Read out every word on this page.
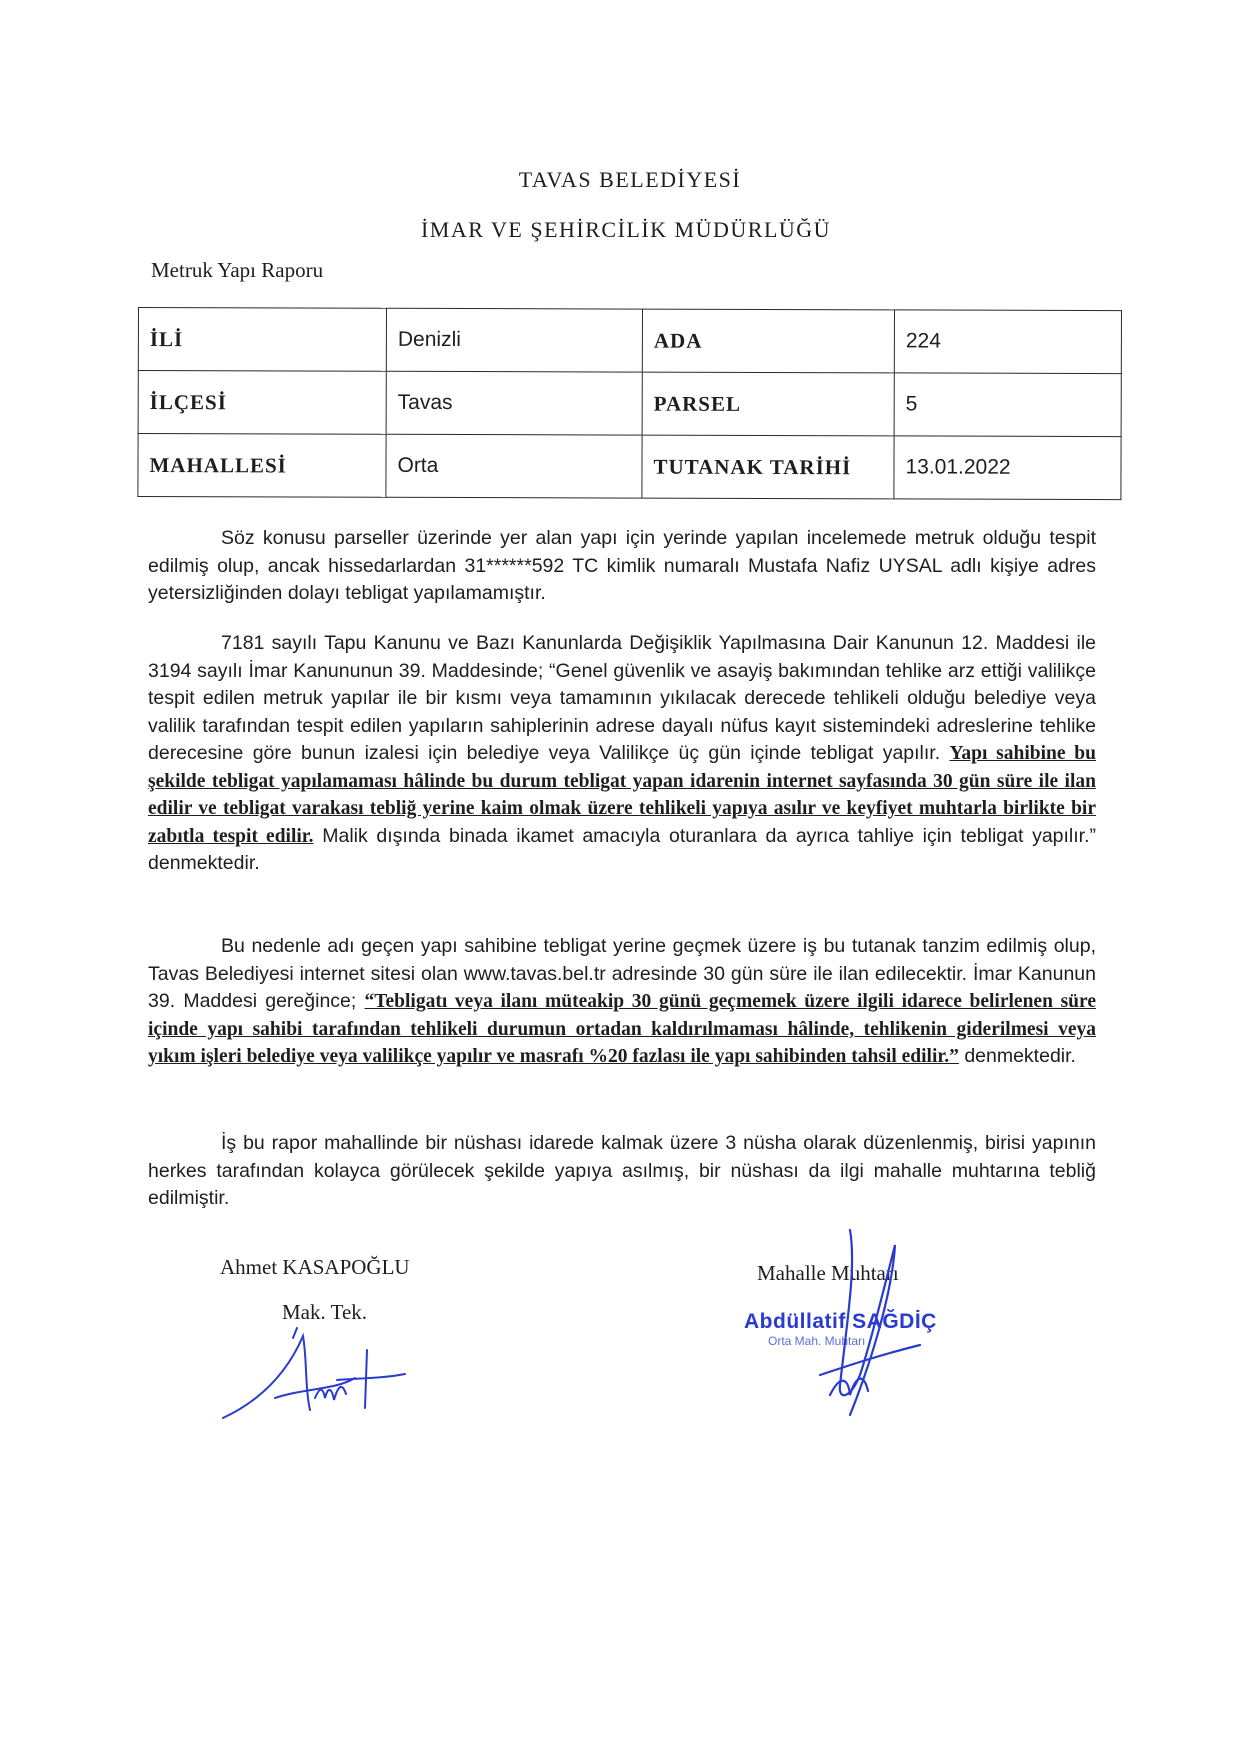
TAVAS BELEDİYESİ
İMAR VE ŞEHİRCİLİK MÜDÜRLÜĞÜ
Metruk Yapı Raporu
İLİ	Denizli	ADA	224
İLÇESİ	Tavas	PARSEL	5
MAHALLESİ	Orta	TUTANAK TARİHİ	13.01.2022

Söz konusu parseller üzerinde yer alan yapı için yerinde yapılan incelemede metruk olduğu tespit edilmiş olup, ancak hissedarlardan 31******592 TC kimlik numaralı Mustafa Nafiz UYSAL adlı kişiye adres yetersizliğinden dolayı tebligat yapılamamıştır.

7181 sayılı Tapu Kanunu ve Bazı Kanunlarda Değişiklik Yapılmasına Dair Kanunun 12. Maddesi ile 3194 sayılı İmar Kanununun 39. Maddesinde; “Genel güvenlik ve asayiş bakımından tehlike arz ettiği valilikçe tespit edilen metruk yapılar ile bir kısmı veya tamamının yıkılacak derecede tehlikeli olduğu belediye veya valilik tarafından tespit edilen yapıların sahiplerinin adrese dayalı nüfus kayıt sistemindeki adreslerine tehlike derecesine göre bunun izalesi için belediye veya Valilikçe üç gün içinde tebligat yapılır. Yapı sahibine bu şekilde tebligat yapılamaması hâlinde bu durum tebligat yapan idarenin internet sayfasında 30 gün süre ile ilan edilir ve tebligat varakası tebliğ yerine kaim olmak üzere tehlikeli yapıya asılır ve keyfiyet muhtarla birlikte bir zabıtla tespit edilir. Malik dışında binada ikamet amacıyla oturanlara da ayrıca tahliye için tebligat yapılır.” denmektedir.

Bu nedenle adı geçen yapı sahibine tebligat yerine geçmek üzere iş bu tutanak tanzim edilmiş olup, Tavas Belediyesi internet sitesi olan www.tavas.bel.tr adresinde 30 gün süre ile ilan edilecektir. İmar Kanunun 39. Maddesi gereğince; “Tebligatı veya ilanı müteakip 30 günü geçmemek üzere ilgili idarece belirlenen süre içinde yapı sahibi tarafından tehlikeli durumun ortadan kaldırılmaması hâlinde, tehlikenin giderilmesi veya yıkım işleri belediye veya valilikçe yapılır ve masrafı %20 fazlası ile yapı sahibinden tahsil edilir.” denmektedir.

İş bu rapor mahallinde bir nüshası idarede kalmak üzere 3 nüsha olarak düzenlenmiş, birisi yapının herkes tarafından kolayca görülecek şekilde yapıya asılmış, bir nüshası da ilgi mahalle muhtarına tebliğ edilmiştir.

Ahmet KASAPOĞLU
Mak. Tek.
Mahalle Muhtarı
Abdüllatif SAĞDİÇ
Orta Mah. Muhtarı
